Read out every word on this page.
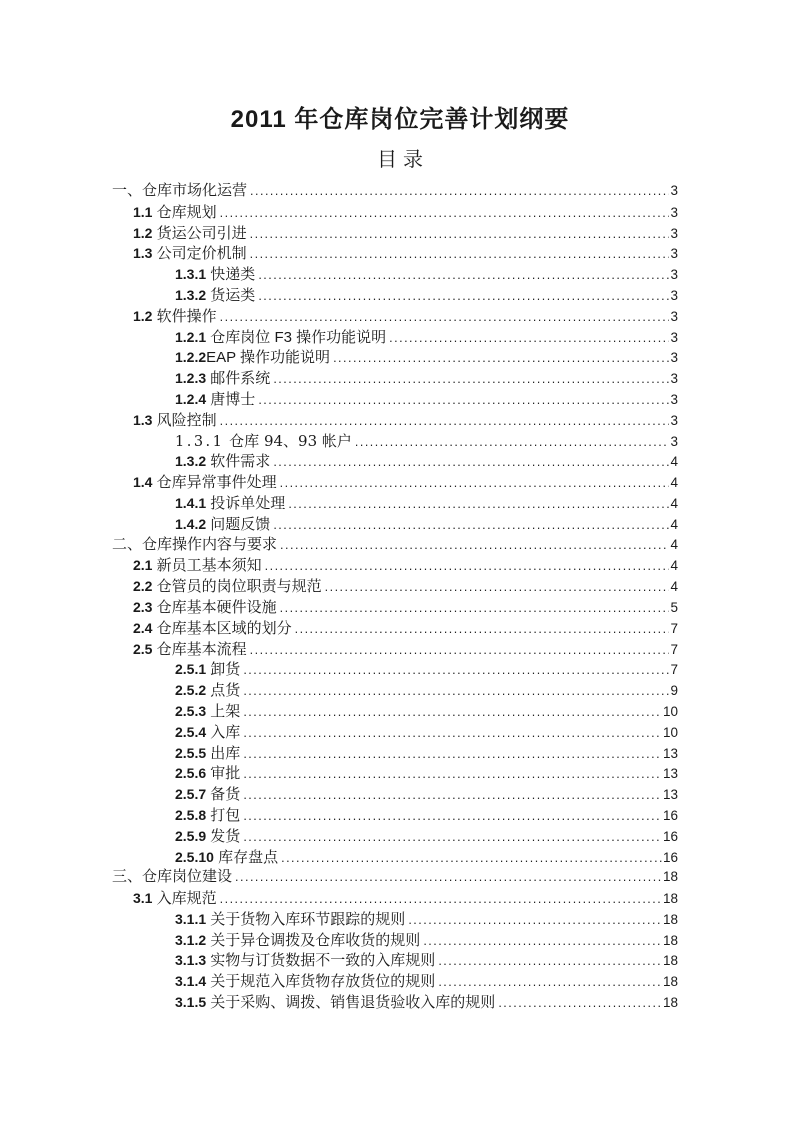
2011 年仓库岗位完善计划纲要
目录
一、 仓库市场化运营 .....	3
1.1 仓库规划 .....	3
1.2 货运公司引进 .....	3
1.3 公司定价机制 .....	3
1.3.1 快递类 .....	3
1.3.2 货运类 .....	3
1.2 软件操作 .....	3
1.2.1 仓库岗位 F3 操作功能说明 .....	3
1.2.2 EAP 操作功能说明 .....	3
1.2.3 邮件系统 .....	3
1.2.4 唐博士 .....	3
1.3 风险控制 .....	3
1.3.1 仓库 94、93 帐户 .....	3
1.3.2 软件需求 .....	4
1.4 仓库异常事件处理 .....	4
1.4.1 投诉单处理 .....	4
1.4.2 问题反馈 .....	4
二、 仓库操作内容与要求 .....	4
2.1 新员工基本须知 .....	4
2.2 仓管员的岗位职责与规范 .....	4
2.3 仓库基本硬件设施 .....	5
2.4 仓库基本区域的划分 .....	7
2.5 仓库基本流程 .....	7
2.5.1 卸货 .....	7
2.5.2 点货 .....	9
2.5.3 上架 .....	10
2.5.4 入库 .....	10
2.5.5 出库 .....	13
2.5.6 审批 .....	13
2.5.7 备货 .....	13
2.5.8 打包 .....	16
2.5.9 发货 .....	16
2.5.10 库存盘点 .....	16
三、 仓库岗位建设 .....	18
3.1 入库规范 .....	18
3.1.1 关于货物入库环节跟踪的规则 .....	18
3.1.2 关于异仓调拨及仓库收货的规则 .....	18
3.1.3 实物与订货数据不一致的入库规则 .....	18
3.1.4 关于规范入库货物存放货位的规则 .....	18
3.1.5 关于采购、调拨、销售退货验收入库的规则 .....	18
